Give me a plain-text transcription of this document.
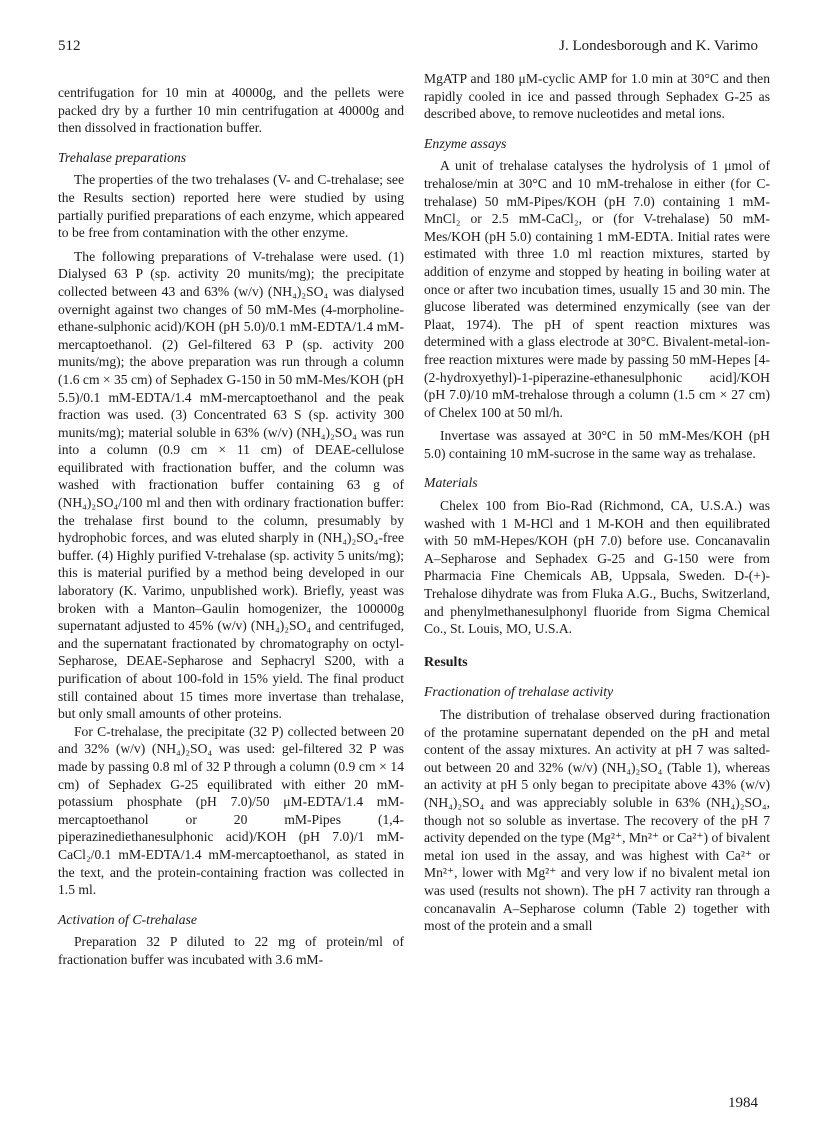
512	J. Londesborough and K. Varimo

centrifugation for 10 min at 40000g, and the pellets were packed dry by a further 10 min centrifugation at 40000g and then dissolved in fractionation buffer.

Trehalase preparations

The properties of the two trehalases (V- and C-trehalase; see the Results section) reported here were studied by using partially purified preparations of each enzyme, which appeared to be free from contamination with the other enzyme.

The following preparations of V-trehalase were used. (1) Dialysed 63 P (sp. activity 20 munits/mg); the precipitate collected between 43 and 63% (w/v) (NH₄)₂SO₄ was dialysed overnight against two changes of 50 mM-Mes (4-morpholine-ethane-sulphonic acid)/KOH (pH 5.0)/0.1 mM-EDTA/1.4 mM-mercaptoethanol. (2) Gel-filtered 63 P (sp. activity 200 munits/mg); the above preparation was run through a column (1.6 cm × 35 cm) of Sephadex G-150 in 50 mM-Mes/KOH (pH 5.5)/0.1 mM-EDTA/1.4 mM-mercaptoethanol and the peak fraction was used. (3) Concentrated 63 S (sp. activity 300 munits/mg); material soluble in 63% (w/v) (NH₄)₂SO₄ was run into a column (0.9 cm × 11 cm) of DEAE-cellulose equilibrated with fractionation buffer, and the column was washed with fractionation buffer containing 63 g of (NH₄)₂SO₄/100 ml and then with ordinary fractionation buffer: the trehalase first bound to the column, presumably by hydrophobic forces, and was eluted sharply in (NH₄)₂SO₄-free buffer. (4) Highly purified V-trehalase (sp. activity 5 units/mg); this is material purified by a method being developed in our laboratory (K. Varimo, unpublished work). Briefly, yeast was broken with a Manton–Gaulin homogenizer, the 100000g supernatant adjusted to 45% (w/v) (NH₄)₂SO₄ and centrifuged, and the supernatant fractionated by chromatography on octyl-Sepharose, DEAE-Sepharose and Sephacryl S200, with a purification of about 100-fold in 15% yield. The final product still contained about 15 times more invertase than trehalase, but only small amounts of other proteins.

For C-trehalase, the precipitate (32 P) collected between 20 and 32% (w/v) (NH₄)₂SO₄ was used: gel-filtered 32 P was made by passing 0.8 ml of 32 P through a column (0.9 cm × 14 cm) of Sephadex G-25 equilibrated with either 20 mM-potassium phosphate (pH 7.0)/50 μM-EDTA/1.4 mM-mercaptoethanol or 20 mM-Pipes (1,4-piperazinediethanesulphonic acid)/KOH (pH 7.0)/1 mM-CaCl₂/0.1 mM-EDTA/1.4 mM-mercaptoethanol, as stated in the text, and the protein-containing fraction was collected in 1.5 ml.

Activation of C-trehalase

Preparation 32 P diluted to 22 mg of protein/ml of fractionation buffer was incubated with 3.6 mM-

MgATP and 180 μM-cyclic AMP for 1.0 min at 30°C and then rapidly cooled in ice and passed through Sephadex G-25 as described above, to remove nucleotides and metal ions.

Enzyme assays

A unit of trehalase catalyses the hydrolysis of 1 μmol of trehalose/min at 30°C and 10 mM-trehalose in either (for C-trehalase) 50 mM-Pipes/KOH (pH 7.0) containing 1 mM-MnCl₂ or 2.5 mM-CaCl₂, or (for V-trehalase) 50 mM-Mes/KOH (pH 5.0) containing 1 mM-EDTA. Initial rates were estimated with three 1.0 ml reaction mixtures, started by addition of enzyme and stopped by heating in boiling water at once or after two incubation times, usually 15 and 30 min. The glucose liberated was determined enzymically (see van der Plaat, 1974). The pH of spent reaction mixtures was determined with a glass electrode at 30°C. Bivalent-metal-ion-free reaction mixtures were made by passing 50 mM-Hepes [4-(2-hydroxyethyl)-1-piperazine-ethanesulphonic acid]/KOH (pH 7.0)/10 mM-trehalose through a column (1.5 cm × 27 cm) of Chelex 100 at 50 ml/h.

Invertase was assayed at 30°C in 50 mM-Mes/KOH (pH 5.0) containing 10 mM-sucrose in the same way as trehalase.

Materials

Chelex 100 from Bio-Rad (Richmond, CA, U.S.A.) was washed with 1 M-HCl and 1 M-KOH and then equilibrated with 50 mM-Hepes/KOH (pH 7.0) before use. Concanavalin A–Sepharose and Sephadex G-25 and G-150 were from Pharmacia Fine Chemicals AB, Uppsala, Sweden. D-(+)-Trehalose dihydrate was from Fluka A.G., Buchs, Switzerland, and phenylmethanesulphonyl fluoride from Sigma Chemical Co., St. Louis, MO, U.S.A.

Results
Fractionation of trehalase activity

The distribution of trehalase observed during fractionation of the protamine supernatant depended on the pH and metal content of the assay mixtures. An activity at pH 7 was salted-out between 20 and 32% (w/v) (NH₄)₂SO₄ (Table 1), whereas an activity at pH 5 only began to precipitate above 43% (w/v) (NH₄)₂SO₄ and was appreciably soluble in 63% (NH₄)₂SO₄, though not so soluble as invertase. The recovery of the pH 7 activity depended on the type (Mg²⁺, Mn²⁺ or Ca²⁺) of bivalent metal ion used in the assay, and was highest with Ca²⁺ or Mn²⁺, lower with Mg²⁺ and very low if no bivalent metal ion was used (results not shown). The pH 7 activity ran through a concanavalin A–Sepharose column (Table 2) together with most of the protein and a small

1984
